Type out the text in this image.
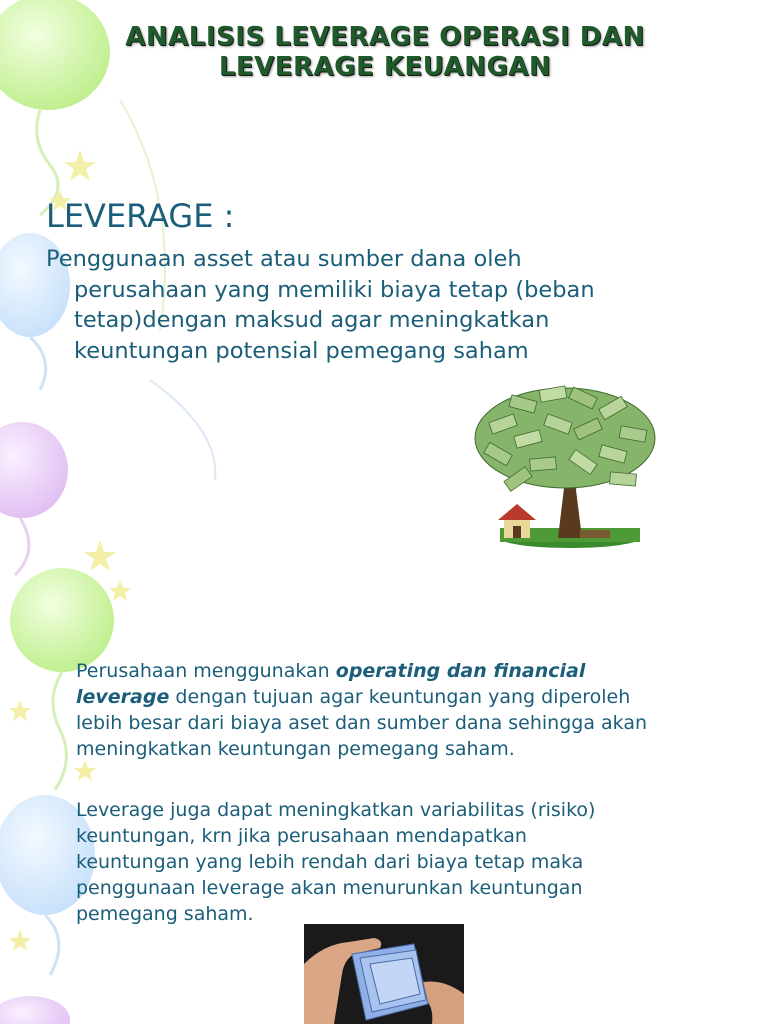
ANALISIS LEVERAGE OPERASI DAN
LEVERAGE KEUANGAN
LEVERAGE :
Penggunaan asset atau sumber dana oleh
perusahaan yang memiliki biaya tetap (beban
tetap)dengan maksud agar meningkatkan
keuntungan potensial pemegang saham
Perusahaan menggunakan operating dan financial
leverage dengan tujuan agar keuntungan yang diperoleh
lebih besar dari biaya aset dan sumber dana sehingga akan
meningkatkan keuntungan pemegang saham.
Leverage juga dapat meningkatkan variabilitas (risiko)
keuntungan, krn jika perusahaan mendapatkan
keuntungan yang lebih rendah dari biaya tetap maka
penggunaan leverage akan menurunkan keuntungan
pemegang saham.
